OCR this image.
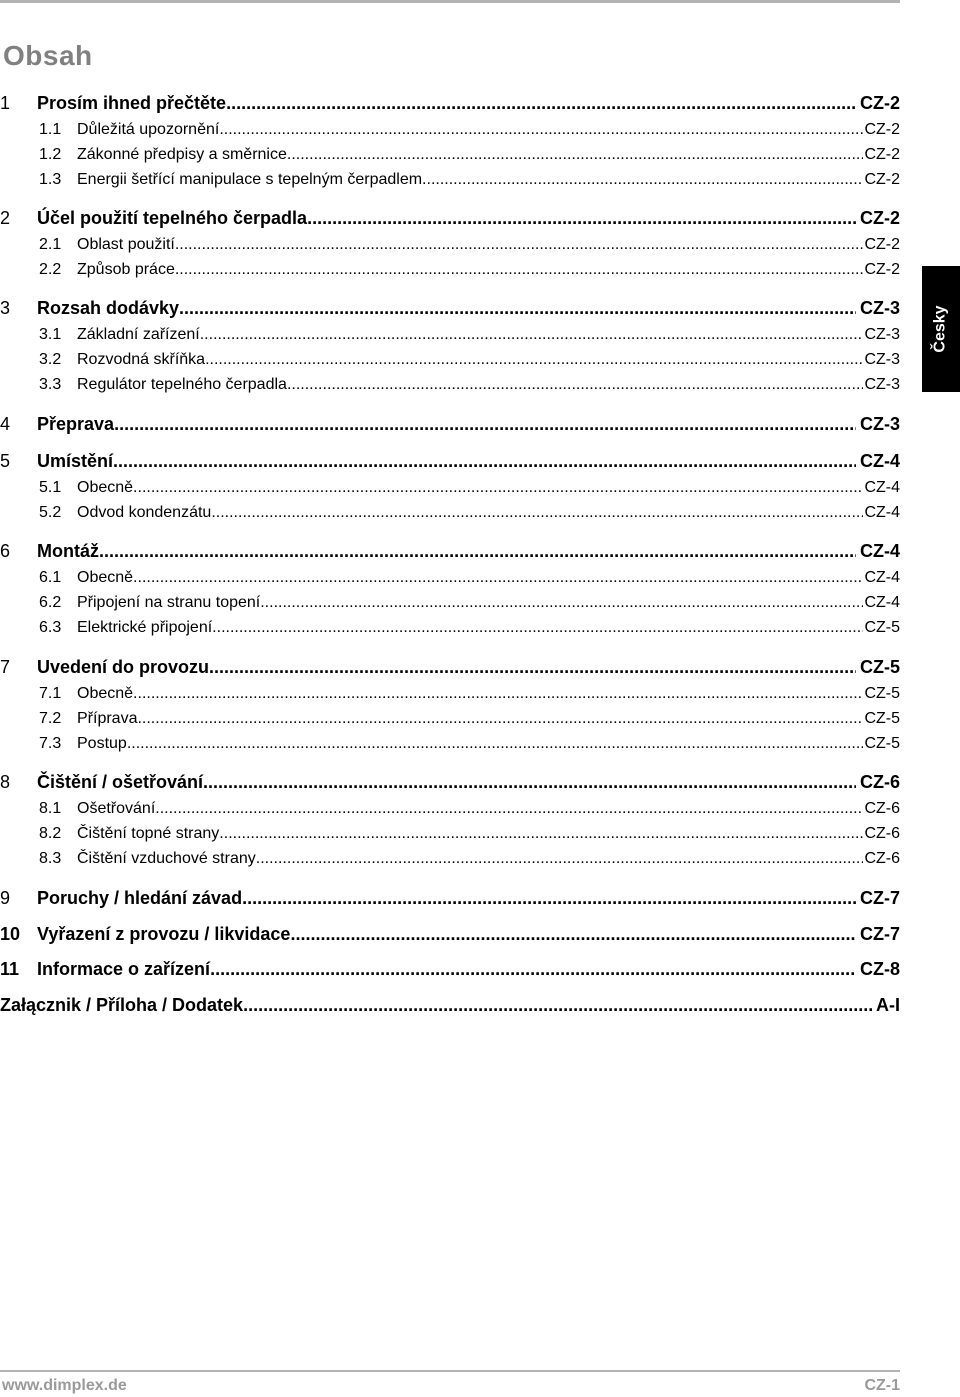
Obsah
1	Prosím ihned přečtěte .....	CZ-2
1.1 Důležitá upozornění .....	CZ-2
1.2 Zákonné předpisy a směrnice .....	CZ-2
1.3 Energii šetřící manipulace s tepelným čerpadlem .....	CZ-2
2	Účel použití tepelného čerpadla .....	CZ-2
2.1 Oblast použití .....	CZ-2
2.2 Způsob práce .....	CZ-2
3	Rozsah dodávky .....	CZ-3
3.1 Základní zařízení .....	CZ-3
3.2 Rozvodná skříňka .....	CZ-3
3.3 Regulátor tepelného čerpadla .....	CZ-3
4	Přeprava .....	CZ-3
5	Umístění .....	CZ-4
5.1 Obecně .....	CZ-4
5.2 Odvod kondenzátu .....	CZ-4
6	Montáž .....	CZ-4
6.1 Obecně .....	CZ-4
6.2 Připojení na stranu topení .....	CZ-4
6.3 Elektrické připojení .....	CZ-5
7	Uvedení do provozu .....	CZ-5
7.1 Obecně .....	CZ-5
7.2 Příprava .....	CZ-5
7.3 Postup .....	CZ-5
8	Čištění / ošetřování .....	CZ-6
8.1 Ošetřování .....	CZ-6
8.2 Čištění topné strany .....	CZ-6
8.3 Čištění vzduchové strany .....	CZ-6
9	Poruchy / hledání závad .....	CZ-7
10 Vyřazení z provozu / likvidace .....	CZ-7
11 Informace o zařízení .....	CZ-8
Załącznik / Příloha / Dodatek .....	A-I
Česky
www.dimplex.de	CZ-1
